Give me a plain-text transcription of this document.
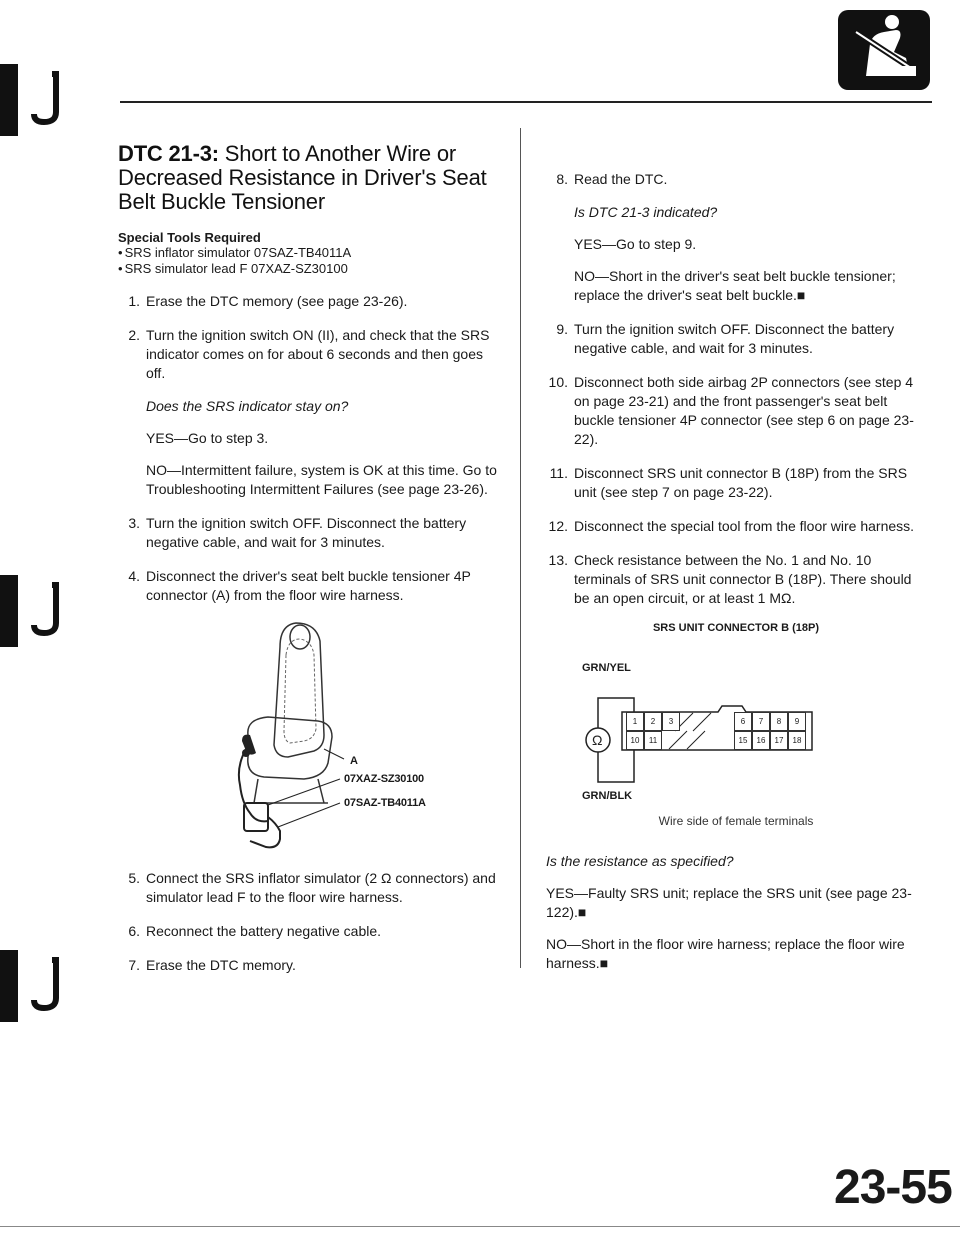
DTC 21-3: Short to Another Wire or Decreased Resistance in Driver's Seat Belt Buckle Tensioner
Special Tools Required
• SRS inflator simulator 07SAZ-TB4011A
• SRS simulator lead F 07XAZ-SZ30100
1. Erase the DTC memory (see page 23-26).
2. Turn the ignition switch ON (II), and check that the SRS indicator comes on for about 6 seconds and then goes off.
Does the SRS indicator stay on?
YES—Go to step 3.
NO—Intermittent failure, system is OK at this time. Go to Troubleshooting Intermittent Failures (see page 23-26).
3. Turn the ignition switch OFF. Disconnect the battery negative cable, and wait for 3 minutes.
4. Disconnect the driver's seat belt buckle tensioner 4P connector (A) from the floor wire harness.
A
07XAZ-SZ30100
07SAZ-TB4011A
5. Connect the SRS inflator simulator (2 Ω connectors) and simulator lead F to the floor wire harness.
6. Reconnect the battery negative cable.
7. Erase the DTC memory.
8. Read the DTC.
Is DTC 21-3 indicated?
YES—Go to step 9.
NO—Short in the driver's seat belt buckle tensioner; replace the driver's seat belt buckle.■
9. Turn the ignition switch OFF. Disconnect the battery negative cable, and wait for 3 minutes.
10. Disconnect both side airbag 2P connectors (see step 4 on page 23-21) and the front passenger's seat belt buckle tensioner 4P connector (see step 6 on page 23-22).
11. Disconnect SRS unit connector B (18P) from the SRS unit (see step 7 on page 23-22).
12. Disconnect the special tool from the floor wire harness.
13. Check resistance between the No. 1 and No. 10 terminals of SRS unit connector B (18P). There should be an open circuit, or at least 1 MΩ.
SRS UNIT CONNECTOR B (18P)
GRN/YEL
GRN/BLK
Ω
1	2	3	6	7	8	9
10	11	15	16	17	18
Wire side of female terminals
Is the resistance as specified?
YES—Faulty SRS unit; replace the SRS unit (see page 23-122).■
NO—Short in the floor wire harness; replace the floor wire harness.■
23-55
